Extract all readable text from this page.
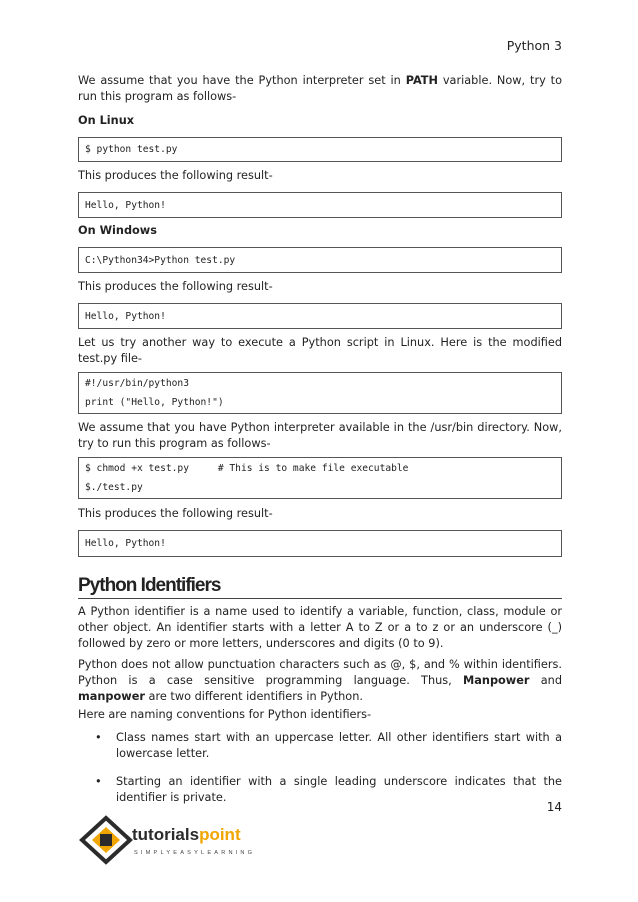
Python 3

We assume that you have the Python interpreter set in PATH variable. Now, try to run this program as follows-

On Linux

$ python test.py

This produces the following result-

Hello, Python!

On Windows

C:\Python34>Python test.py

This produces the following result-

Hello, Python!

Let us try another way to execute a Python script in Linux. Here is the modified test.py file-

#!/usr/bin/python3
print ("Hello, Python!")

We assume that you have Python interpreter available in the /usr/bin directory. Now, try to run this program as follows-

$ chmod +x test.py     # This is to make file executable
$./test.py

This produces the following result-

Hello, Python!
Python Identifiers

A Python identifier is a name used to identify a variable, function, class, module or other object. An identifier starts with a letter A to Z or a to z or an underscore (_) followed by zero or more letters, underscores and digits (0 to 9).

Python does not allow punctuation characters such as @, $, and % within identifiers. Python is a case sensitive programming language. Thus, Manpower and manpower are two different identifiers in Python.

Here are naming conventions for Python identifiers-

• Class names start with an uppercase letter. All other identifiers start with a lowercase letter.
• Starting an identifier with a single leading underscore indicates that the identifier is private.
14
tutorialspoint
SIMPLYEASYLEARNING
